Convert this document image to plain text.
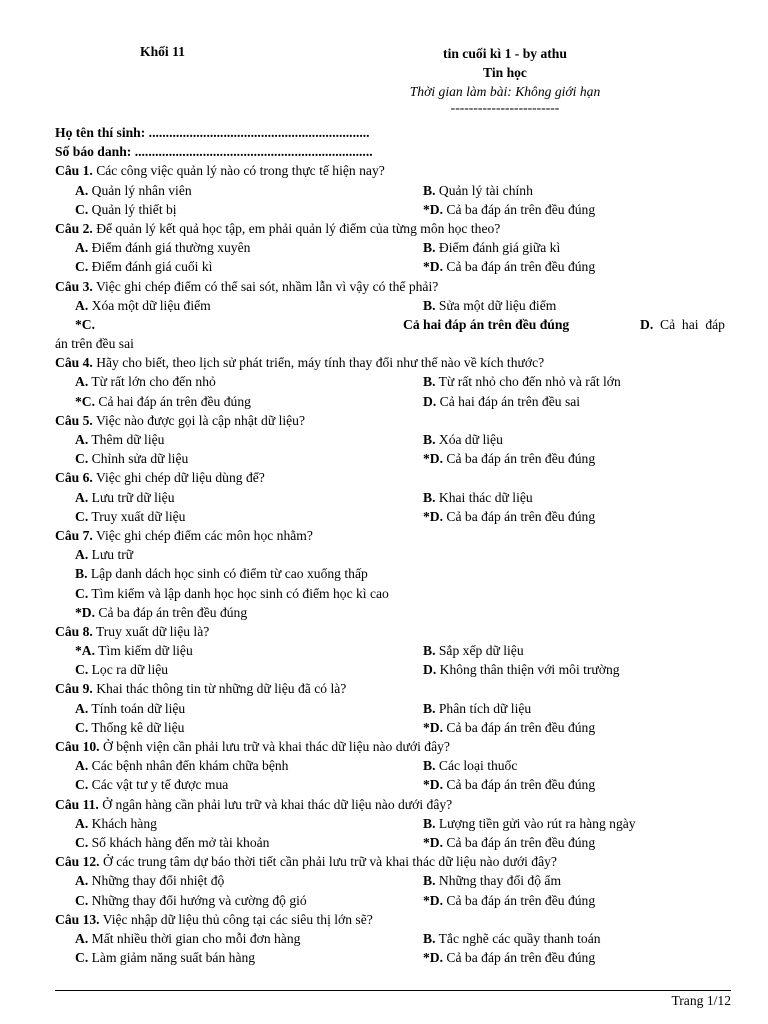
Khối 11	tin cuối kì 1 - by athu
Tin học
Thời gian làm bài: Không giới hạn
------------------------
Họ tên thí sinh: .................................................................
Số báo danh: ......................................................................
Câu 1. Các công việc quản lý nào có trong thực tế hiện nay?
A. Quản lý nhân viên	B. Quản lý tài chính
C. Quản lý thiết bị	*D. Cả ba đáp án trên đều đúng
Câu 2. Để quản lý kết quả học tập, em phải quản lý điểm của từng môn học theo?
A. Điểm đánh giá thường xuyên	B. Điểm đánh giá giữa kì
C. Điểm đánh giá cuối kì	*D. Cả ba đáp án trên đều đúng
Câu 3. Việc ghi chép điểm có thể sai sót, nhầm lẫn vì vậy có thể phải?
A. Xóa một dữ liệu điểm	B. Sửa một dữ liệu điểm
*C.	Cả hai đáp án trên đều đúng	D.  Cả  hai  đáp
án trên đều sai
Câu 4. Hãy cho biết, theo lịch sử phát triển, máy tính thay đổi như thế nào về kích thước?
A. Từ rất lớn cho đến nhỏ	B. Từ rất nhỏ cho đến nhỏ và rất lớn
*C. Cả hai đáp án trên đều đúng	D. Cả hai đáp án trên đều sai
Câu 5. Việc nào được gọi là cập nhật dữ liệu?
A. Thêm dữ liệu	B. Xóa dữ liệu
C. Chỉnh sửa dữ liệu	*D. Cả ba đáp án trên đều đúng
Câu 6. Việc ghi chép dữ liệu dùng để?
A. Lưu trữ dữ liệu	B. Khai thác dữ liệu
C. Truy xuất dữ liệu	*D. Cả ba đáp án trên đều đúng
Câu 7. Việc ghi chép điểm các môn học nhằm?
A. Lưu trữ
B. Lập danh dách học sinh có điểm từ cao xuống thấp
C. Tìm kiếm và lập danh học học sinh có điểm học kì cao
*D. Cả ba đáp án trên đều đúng
Câu 8. Truy xuất dữ liệu là?
*A. Tìm kiếm dữ liệu	B. Sắp xếp dữ liệu
C. Lọc ra dữ liệu	D. Không thân thiện với môi trường
Câu 9. Khai thác thông tin từ những dữ liệu đã có là?
A. Tính toán dữ liệu	B. Phân tích dữ liệu
C. Thống kê dữ liệu	*D. Cả ba đáp án trên đều đúng
Câu 10. Ở bệnh viện cần phải lưu trữ và khai thác dữ liệu nào dưới đây?
A. Các bệnh nhân đến khám chữa bệnh	B. Các loại thuốc
C. Các vật tư y tế được mua	*D. Cả ba đáp án trên đều đúng
Câu 11. Ở ngân hàng cần phải lưu trữ và khai thác dữ liệu nào dưới đây?
A. Khách hàng	B. Lượng tiền gửi vào rút ra hàng ngày
C. Số khách hàng đến mở tài khoản	*D. Cả ba đáp án trên đều đúng
Câu 12. Ở các trung tâm dự báo thời tiết cần phải lưu trữ và khai thác dữ liệu nào dưới đây?
A. Những thay đổi nhiệt độ	B. Những thay đổi độ ẩm
C. Những thay đổi hướng và cường độ gió	*D. Cả ba đáp án trên đều đúng
Câu 13. Việc nhập dữ liệu thủ công tại các siêu thị lớn sẽ?
A. Mất nhiều thời gian cho mỗi đơn hàng	B. Tắc nghẽ các quầy thanh toán
C. Làm giảm năng suất bán hàng	*D. Cả ba đáp án trên đều đúng
Trang 1/12
